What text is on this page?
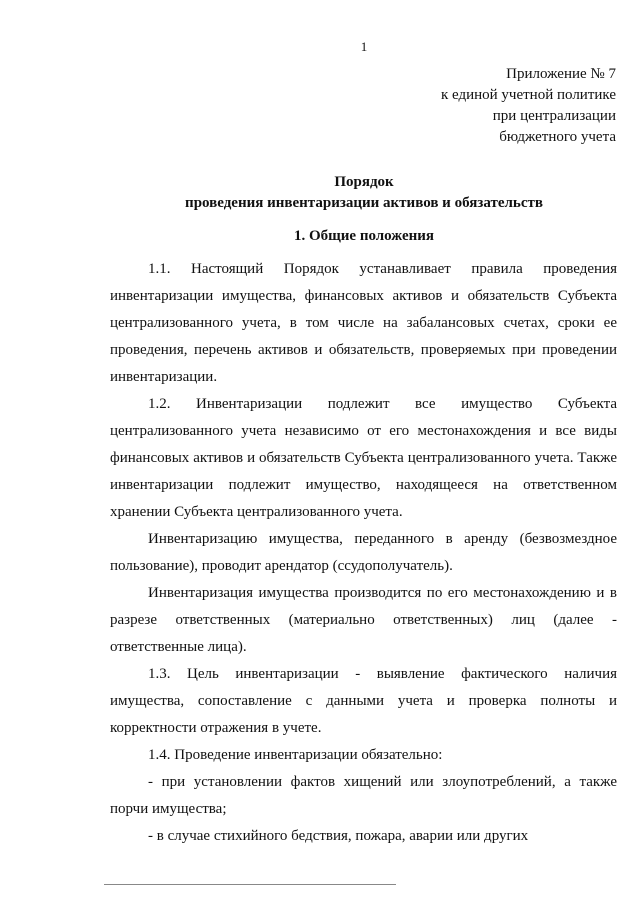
1
Приложение № 7
к единой учетной политике
при централизации
бюджетного учета
Порядок
проведения инвентаризации активов и обязательств
1. Общие положения

1.1. Настоящий Порядок устанавливает правила проведения инвентаризации имущества, финансовых активов и обязательств Субъекта централизованного учета, в том числе на забалансовых счетах, сроки ее проведения, перечень активов и обязательств, проверяемых при проведении инвентаризации.

1.2. Инвентаризации подлежит все имущество Субъекта централизованного учета независимо от его местонахождения и все виды финансовых активов и обязательств Субъекта централизованного учета. Также инвентаризации подлежит имущество, находящееся на ответственном хранении Субъекта централизованного учета.

Инвентаризацию имущества, переданного в аренду (безвозмездное пользование), проводит арендатор (ссудополучатель).

Инвентаризация имущества производится по его местонахождению и в разрезе ответственных (материально ответственных) лиц (далее - ответственные лица).

1.3. Цель инвентаризации - выявление фактического наличия имущества, сопоставление с данными учета и проверка полноты и корректности отражения в учете.

1.4. Проведение инвентаризации обязательно:

- при установлении фактов хищений или злоупотреблений, а также порчи имущества;

- в случае стихийного бедствия, пожара, аварии или других
